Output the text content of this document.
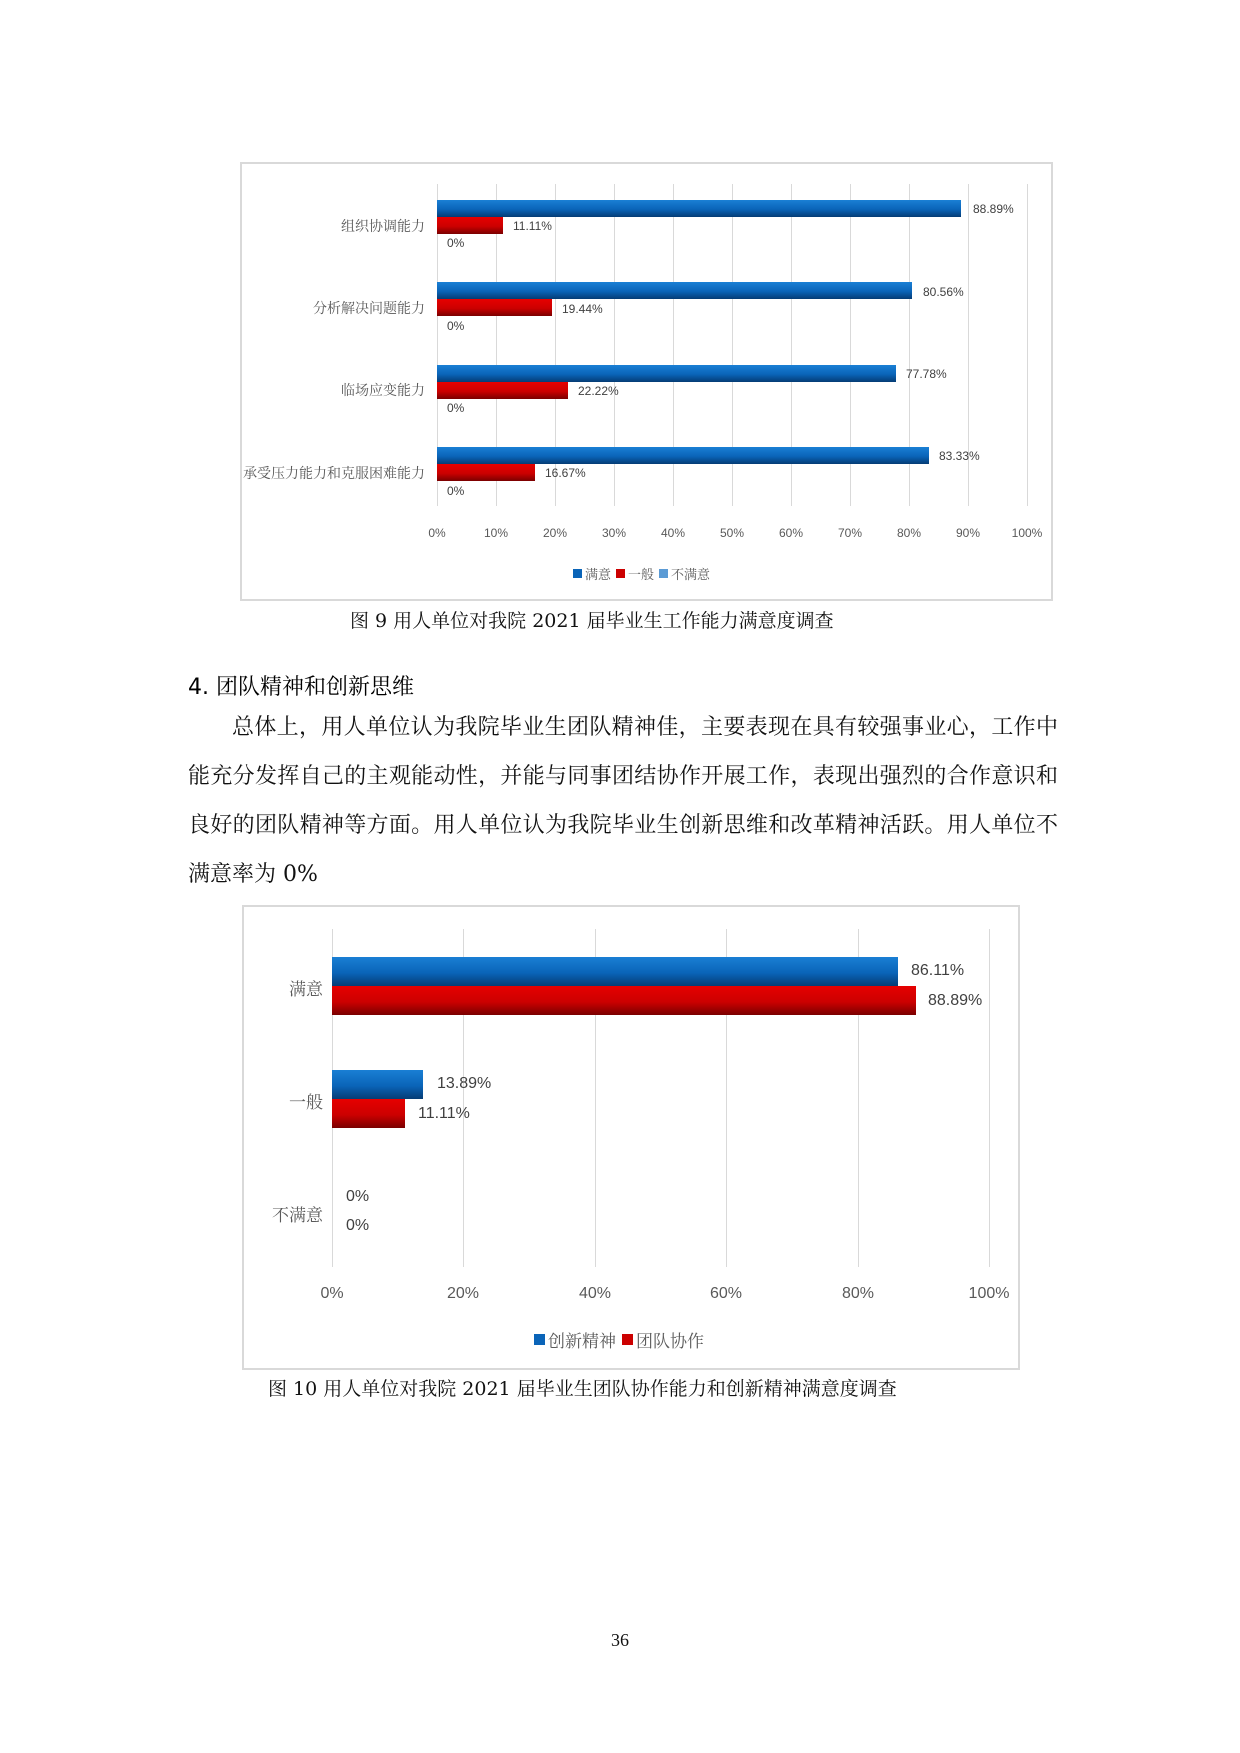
组织协调能力
88.89%
11.11%
0%
分析解决问题能力
80.56%
19.44%
0%
临场应变能力
77.78%
22.22%
0%
承受压力能力和克服困难能力
83.33%
16.67%
0%
0%	10%	20%	30%	40%	50%	60%	70%	80%	90%	100%
满意 一般 不满意
图 9 用人单位对我院 2021 届毕业生工作能力满意度调查
4. 团队精神和创新思维

总体上，用人单位认为我院毕业生团队精神佳，主要表现在具有较强事业心，工作中能充分发挥自己的主观能动性，并能与同事团结协作开展工作，表现出强烈的合作意识和良好的团队精神等方面。用人单位认为我院毕业生创新思维和改革精神活跃。用人单位不满意率为 0%

满意
86.11%
88.89%
一般
13.89%
11.11%
不满意
0%
0%
0%	20%	40%	60%	80%	100%
创新精神 团队协作
图 10 用人单位对我院 2021 届毕业生团队协作能力和创新精神满意度调查
36
